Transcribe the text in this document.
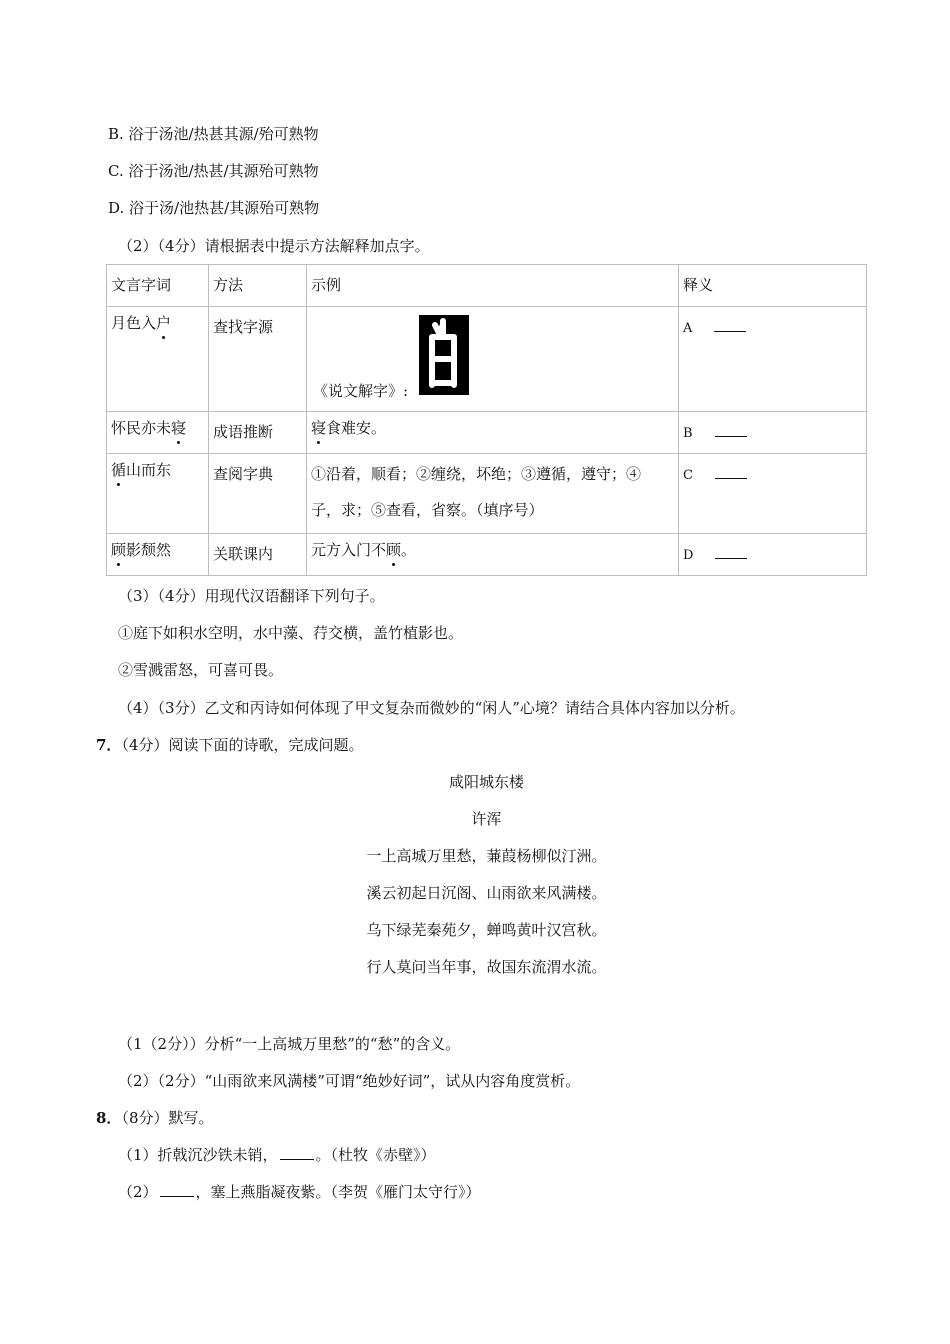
B. 浴于汤池/热甚其源/殆可熟物
C. 浴于汤池/热甚/其源殆可熟物
D. 浴于汤/池热甚/其源殆可熟物
（2）（4分）请根据表中提示方法解释加点字。
文言字词	方法	示例	释义
月色入户	查找字源	《说文解字》:	A
怀民亦未寝	成语推断	寝食难安。	B
循山而东	查阅字典	①沿着，顺看；②缠绕，坏绝；③遵循，遵守；④
子，求；⑤查看，省察。（填序号）	C
顾影颓然	关联课内	元方入门不顾。	D
（3）（4分）用现代汉语翻译下列句子。
①庭下如积水空明，水中藻、荇交横，盖竹植影也。
②雪溅雷怒，可喜可畏。
（4）（3分）乙文和丙诗如何体现了甲文复杂而微妙的“闲人”心境？请结合具体内容加以分析。
7．（4分）阅读下面的诗歌，完成问题。
咸阳城东楼
许浑
一上高城万里愁，蒹葭杨柳似汀洲。
溪云初起日沉阁、山雨欲来风满楼。
乌下绿芜秦苑夕，蝉鸣黄叶汉宫秋。
行人莫问当年事，故国东流渭水流。
（1（2分））分析“一上高城万里愁”的“愁”的含义。
（2）（2分）“山雨欲来风满楼”可谓“绝妙好词”，试从内容角度赏析。
8．（8分）默写。
（1）折戟沉沙铁未销，	。（杜牧《赤壁》）
（2）	，塞上燕脂凝夜紫。（李贺《雁门太守行》）
